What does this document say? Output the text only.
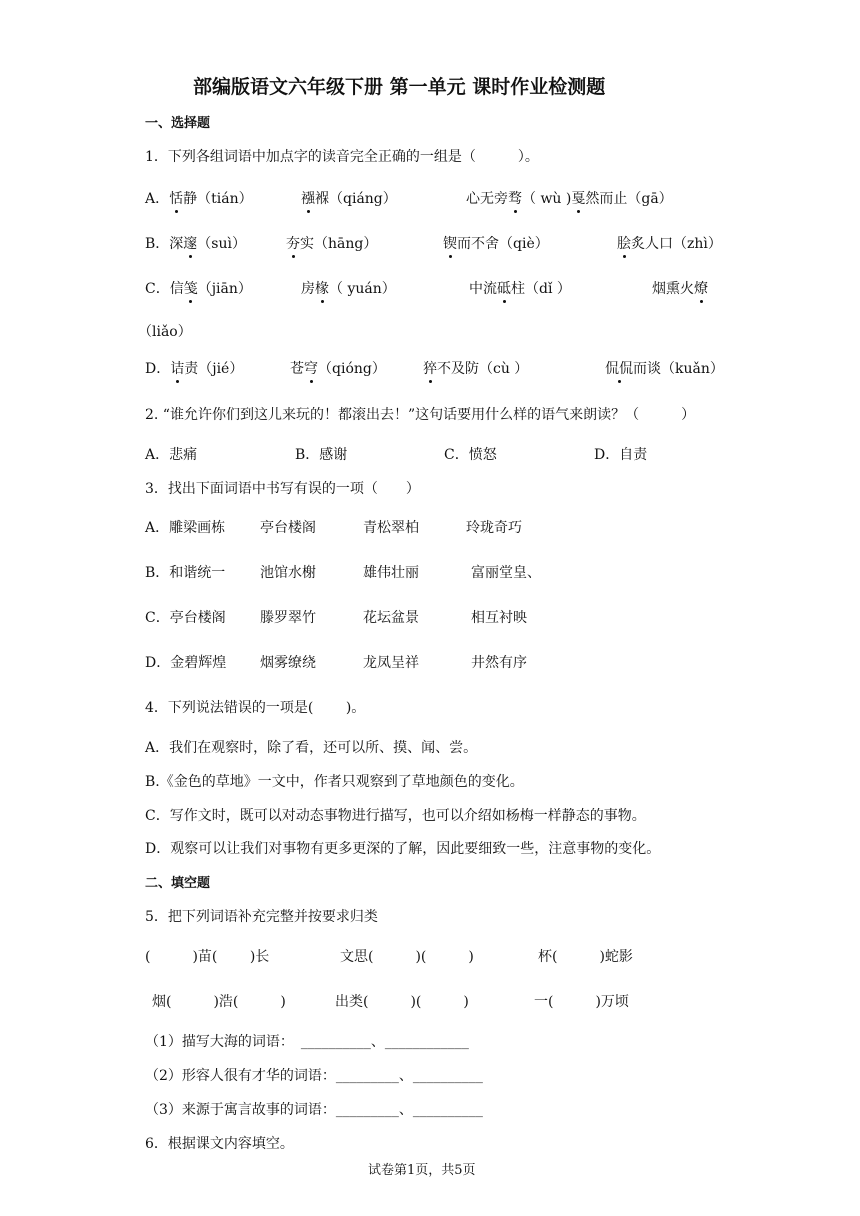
部编版语文六年级下册 第一单元 课时作业检测题
一、选择题
1．下列各组词语中加点字的读音完全正确的一组是（　　　）。
A．恬静（tián）	襁褓（qiáng）	心无旁骛（ wù )戛然而止（gā）
B．深邃（suì）	夯实（hāng）	锲而不舍（qiè）	脍炙人口（zhì）
C．信笺（jiān）	房椽（ yuán）	中流砥柱（dǐ ）	烟熏火燎
（liǎo）
D．诘责（jié）	苍穹（qióng）	猝不及防（cù ）	侃侃而谈（kuǎn）
2. “谁允许你们到这儿来玩的！都滚出去！”这句话要用什么样的语气来朗读？（　　　）
A．悲痛	B．感谢	C．愤怒	D．自责
3．找出下面词语中书写有误的一项（　　）
A．雕梁画栋 亭台楼阁	青松翠柏	玲珑奇巧
B．和谐统一 池馆水榭	雄伟壮丽	富丽堂皇、
C．亭台楼阁 滕罗翠竹	花坛盆景	相互衬映
D．金碧辉煌 烟雾缭绕	龙凤呈祥	井然有序
4．下列说法错误的一项是(　　 )。
A．我们在观察时，除了看，还可以所、摸、闻、尝。
B.《金色的草地》一文中，作者只观察到了草地颜色的变化。
C．写作文时，既可以对动态事物进行描写，也可以介绍如杨梅一样静态的事物。
D．观察可以让我们对事物有更多更深的了解，因此要细致一些，注意事物的变化。
二、填空题
5．把下列词语补充完整并按要求归类
(　　　)苗(　　 )长	文思(　　　)(　　　)	杯(　　　)蛇影
烟(　　　)浩(　　　)	出类(　　　)(　　　)	一(　　　)万顷
（1）描写大海的词语：　__________、____________
（2）形容人很有才华的词语：_________、__________
（3）来源于寓言故事的词语：_________、__________
6．根据课文内容填空。
试卷第1页，共5页
